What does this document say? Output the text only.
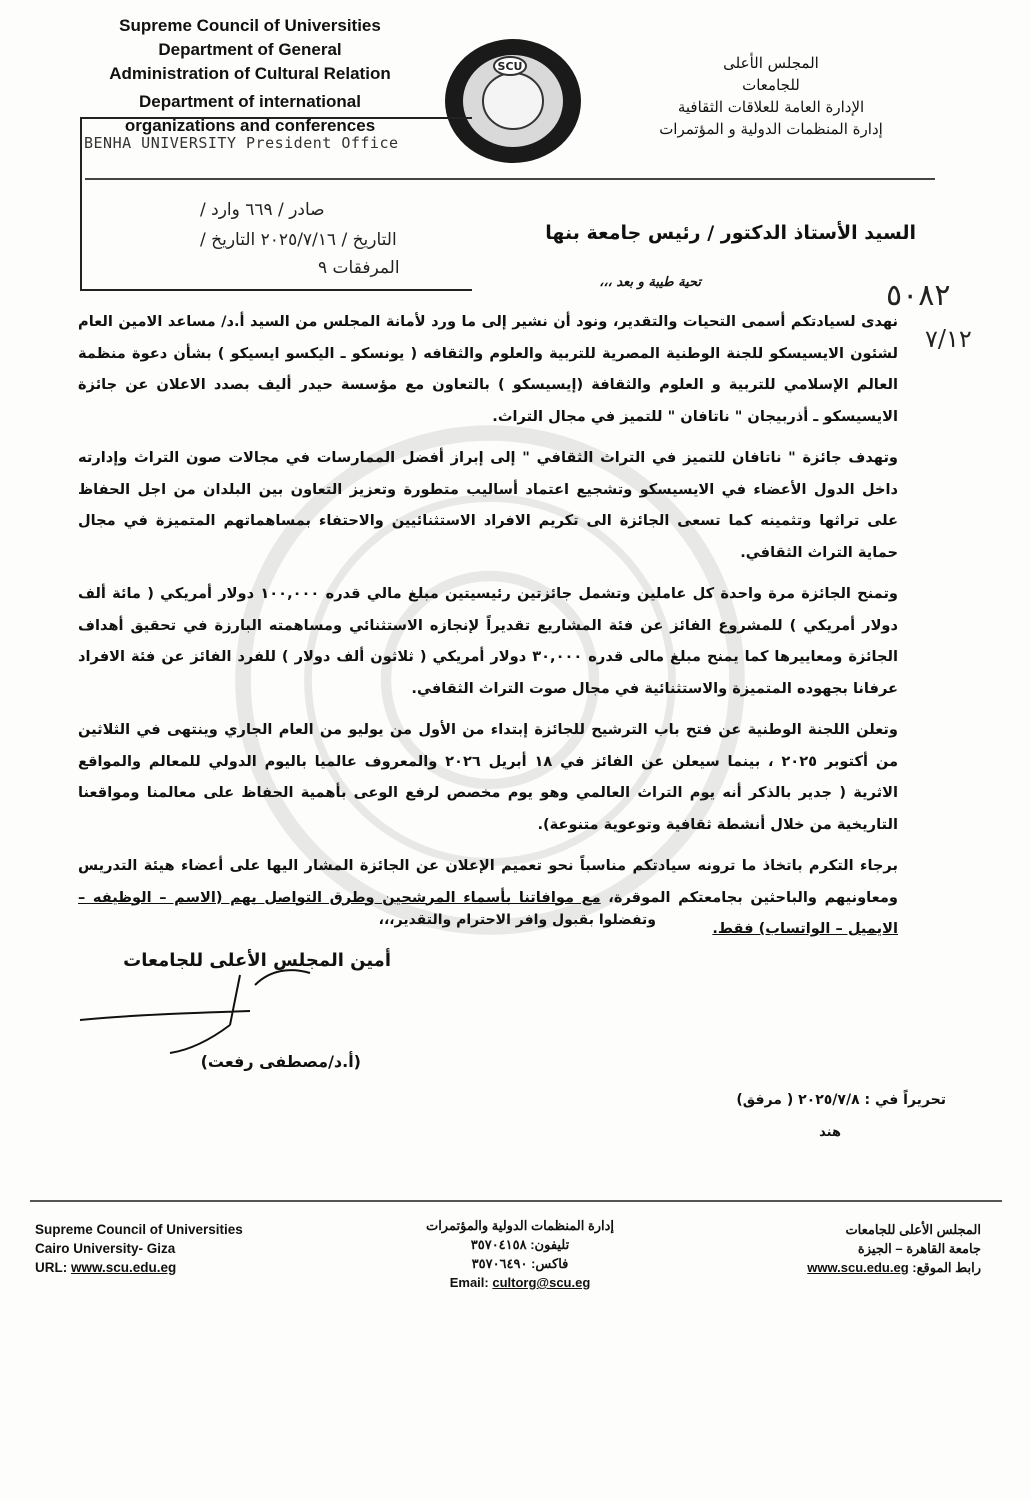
Supreme Council of Universities
Department of General
Administration of Cultural Relation
Department of international
organizations and conferences
SCU	المجلس الأعلى
للجامعات
الإدارة العامة للعلاقات الثقافية
إدارة المنظمات الدولية و المؤتمرات
BENHA UNIVERSITY President Office
صادر / ٦٦٩ وارد /
التاريخ / ٢٠٢٥/٧/١٦ التاريخ /
المرفقات ٩
٥٠٨٢
٧/١٢
السيد الأستاذ الدكتور / رئيس جامعة بنها
تحية طيبة و بعد ،،،

نهدى لسيادتكم أسمى التحيات والتقدير، ونود أن نشير إلى ما ورد لأمانة المجلس من السيد أ.د/ مساعد الامين العام لشئون الايسيسكو للجنة الوطنية المصرية للتربية والعلوم والثقافه ( يونسكو ـ اليكسو ايسيكو ) بشأن دعوة منظمة العالم الإسلامي للتربية و العلوم والثقافة (إيسيسكو ) بالتعاون مع مؤسسة حيدر أليف بصدد الاعلان عن جائزة الايسيسكو ـ أذربيجان " ناتافان " للتميز في مجال التراث.

وتهدف جائزة " ناتافان للتميز في التراث الثقافي " إلى إبراز أفضل الممارسات في مجالات صون التراث وإدارته داخل الدول الأعضاء في الايسيسكو وتشجيع اعتماد أساليب متطورة وتعزيز التعاون بين البلدان من اجل الحفاظ على تراثها وتثمينه كما تسعى الجائزة الى تكريم الافراد الاستثنائيين والاحتفاء بمساهماتهم المتميزة في مجال حماية التراث الثقافي.

وتمنح الجائزة مرة واحدة كل عاملين وتشمل جائزتين رئيسيتين مبلغ مالي قدره ١٠٠,٠٠٠ دولار أمريكي ( مائة ألف دولار أمريكي ) للمشروع الفائز عن فئة المشاريع تقديراً لإنجازه الاستثنائي ومساهمته البارزة في تحقيق أهداف الجائزة ومعاييرها كما يمنح مبلغ مالى قدره ٣٠,٠٠٠ دولار أمريكي ( ثلاثون ألف دولار ) للفرد الفائز عن فئة الافراد عرفانا بجهوده المتميزة والاستثنائية في مجال صوت التراث الثقافي.

وتعلن اللجنة الوطنية عن فتح باب الترشيح للجائزة إبتداء من الأول من يوليو من العام الجاري وينتهى في الثلاثين من أكتوبر ٢٠٢٥ ، بينما سيعلن عن الفائز في ١٨ أبريل ٢٠٢٦ والمعروف عالميا باليوم الدولي للمعالم والمواقع الاثرية ( جدير بالذكر أنه يوم التراث العالمي وهو يوم مخصص لرفع الوعى بأهمية الحفاظ على معالمنا ومواقعنا التاريخية من خلال أنشطة ثقافية وتوعوية متنوعة).

برجاء التكرم باتخاذ ما ترونه سيادتكم مناسباً نحو تعميم الإعلان عن الجائزة المشار اليها على أعضاء هيئة التدريس ومعاونيهم والباحثين بجامعتكم الموقرة، مع موافاتنا بأسماء المرشحين وطرق التواصل بهم (الاسم – الوظيفه – الايميل – الواتساب) فقط.

وتفضلوا بقبول وافر الاحترام والتقدير،،،
أمين المجلس الأعلى للجامعات
(أ.د/مصطفى رفعت)
تحريراً في : ٢٠٢٥/٧/٨ ( مرفق)
هند
Supreme Council of Universities
Cairo University- Giza
URL: www.scu.edu.eg
إدارة المنظمات الدولية والمؤتمرات
تليفون: ٣٥٧٠٤١٥٨
فاكس: ٣٥٧٠٦٤٩٠
Email: cultorg@scu.eg
المجلس الأعلى للجامعات
جامعة القاهرة – الجيزة
رابط الموقع: www.scu.edu.eg
